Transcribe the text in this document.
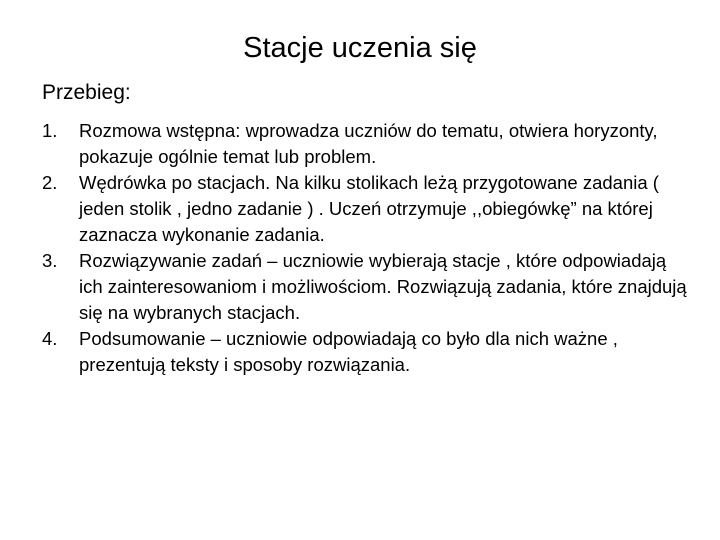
Stacje uczenia się

Przebieg:

1.	Rozmowa wstępna: wprowadza uczniów do tematu, otwiera horyzonty, pokazuje ogólnie temat lub problem.
2.	Wędrówka po stacjach. Na kilku stolikach leżą przygotowane zadania ( jeden stolik , jedno zadanie ) . Uczeń otrzymuje ,,obiegówkę” na której zaznacza wykonanie zadania.
3.	Rozwiązywanie zadań – uczniowie wybierają stacje , które odpowiadają ich zainteresowaniom i możliwościom. Rozwiązują zadania, które znajdują się na wybranych stacjach.
4.	Podsumowanie – uczniowie odpowiadają co było dla nich ważne , prezentują teksty i sposoby rozwiązania.
